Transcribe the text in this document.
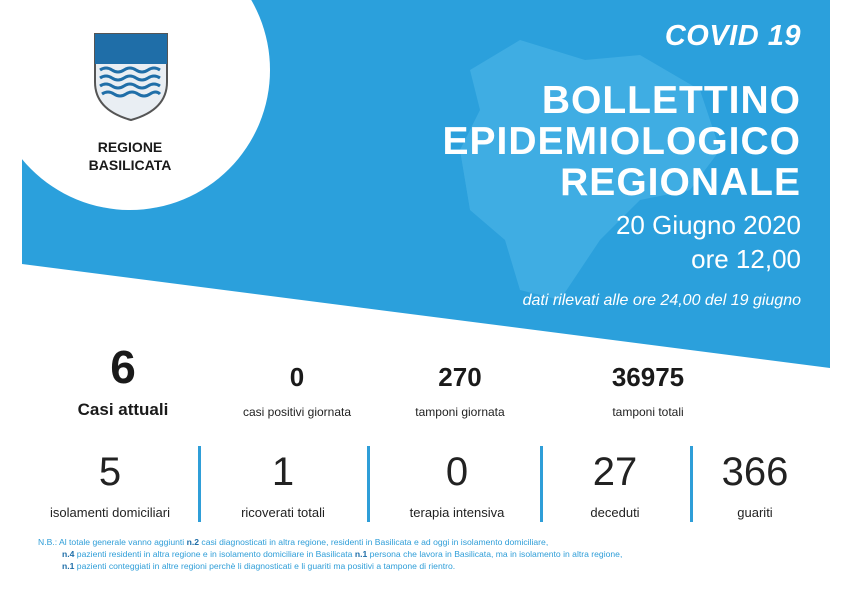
REGIONE
BASILICATA
COVID 19
BOLLETTINO
EPIDEMIOLOGICO
REGIONALE
20 Giugno 2020
ore 12,00
dati rilevati alle ore 24,00 del 19 giugno
6
Casi attuali
0
casi positivi giornata
270
tamponi giornata
36975
tamponi totali
5
isolamenti domiciliari
1
ricoverati totali
0
terapia intensiva
27
deceduti
366
guariti
N.B.: Al totale generale vanno aggiunti n.2 casi diagnosticati in altra regione, residenti in Basilicata e ad oggi in isolamento domiciliare,
n.4 pazienti residenti in altra regione e in isolamento domiciliare in Basilicata n.1 persona che lavora in Basilicata, ma in isolamento in altra regione,
n.1 pazienti conteggiati in altre regioni perchè li diagnosticati e li guariti ma positivi a tampone di rientro.
